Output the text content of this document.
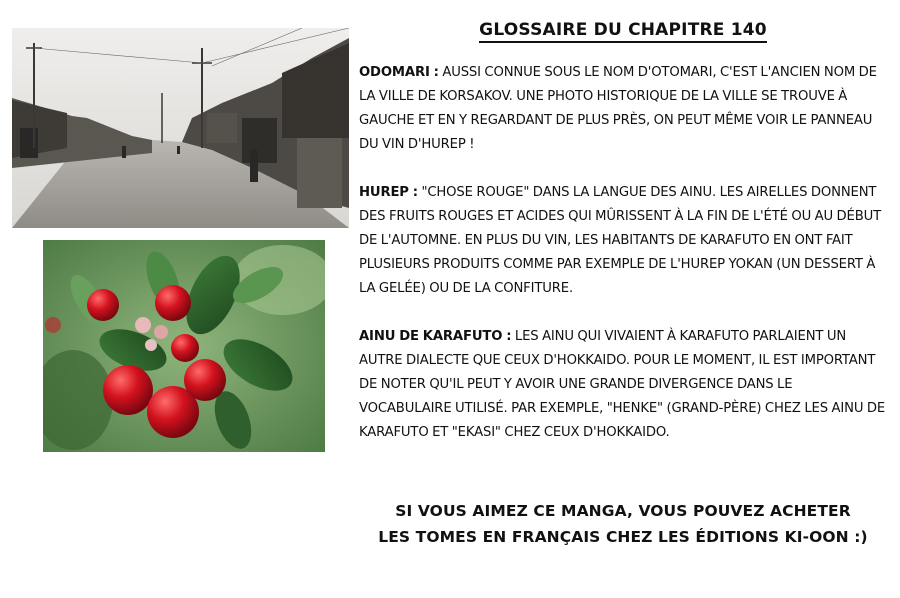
GLOSSAIRE DU CHAPITRE 140

ODOMARI : AUSSI CONNUE SOUS LE NOM D'OTOMARI, C'EST L'ANCIEN NOM DE LA VILLE DE KORSAKOV. UNE PHOTO HISTORIQUE DE LA VILLE SE TROUVE À GAUCHE ET EN Y REGARDANT DE PLUS PRÈS, ON PEUT MÊME VOIR LE PANNEAU DU VIN D'HUREP !

HUREP : "CHOSE ROUGE" DANS LA LANGUE DES AINU. LES AIRELLES DONNENT DES FRUITS ROUGES ET ACIDES QUI MÛRISSENT À LA FIN DE L'ÉTÉ OU AU DÉBUT DE L'AUTOMNE. EN PLUS DU VIN, LES HABITANTS DE KARAFUTO EN ONT FAIT PLUSIEURS PRODUITS COMME PAR EXEMPLE DE L'HUREP YOKAN (UN DESSERT À LA GELÉE) OU DE LA CONFITURE.

AINU DE KARAFUTO : LES AINU QUI VIVAIENT À KARAFUTO PARLAIENT UN AUTRE DIALECTE QUE CEUX D'HOKKAIDO. POUR LE MOMENT, IL EST IMPORTANT DE NOTER QU'IL PEUT Y AVOIR UNE GRANDE DIVERGENCE DANS LE VOCABULAIRE UTILISÉ. PAR EXEMPLE, "HENKE" (GRAND-PÈRE) CHEZ LES AINU DE KARAFUTO ET "EKASI" CHEZ CEUX D'HOKKAIDO.

SI VOUS AIMEZ CE MANGA, VOUS POUVEZ ACHETER
LES TOMES EN FRANÇAIS CHEZ LES ÉDITIONS KI-OON :)
